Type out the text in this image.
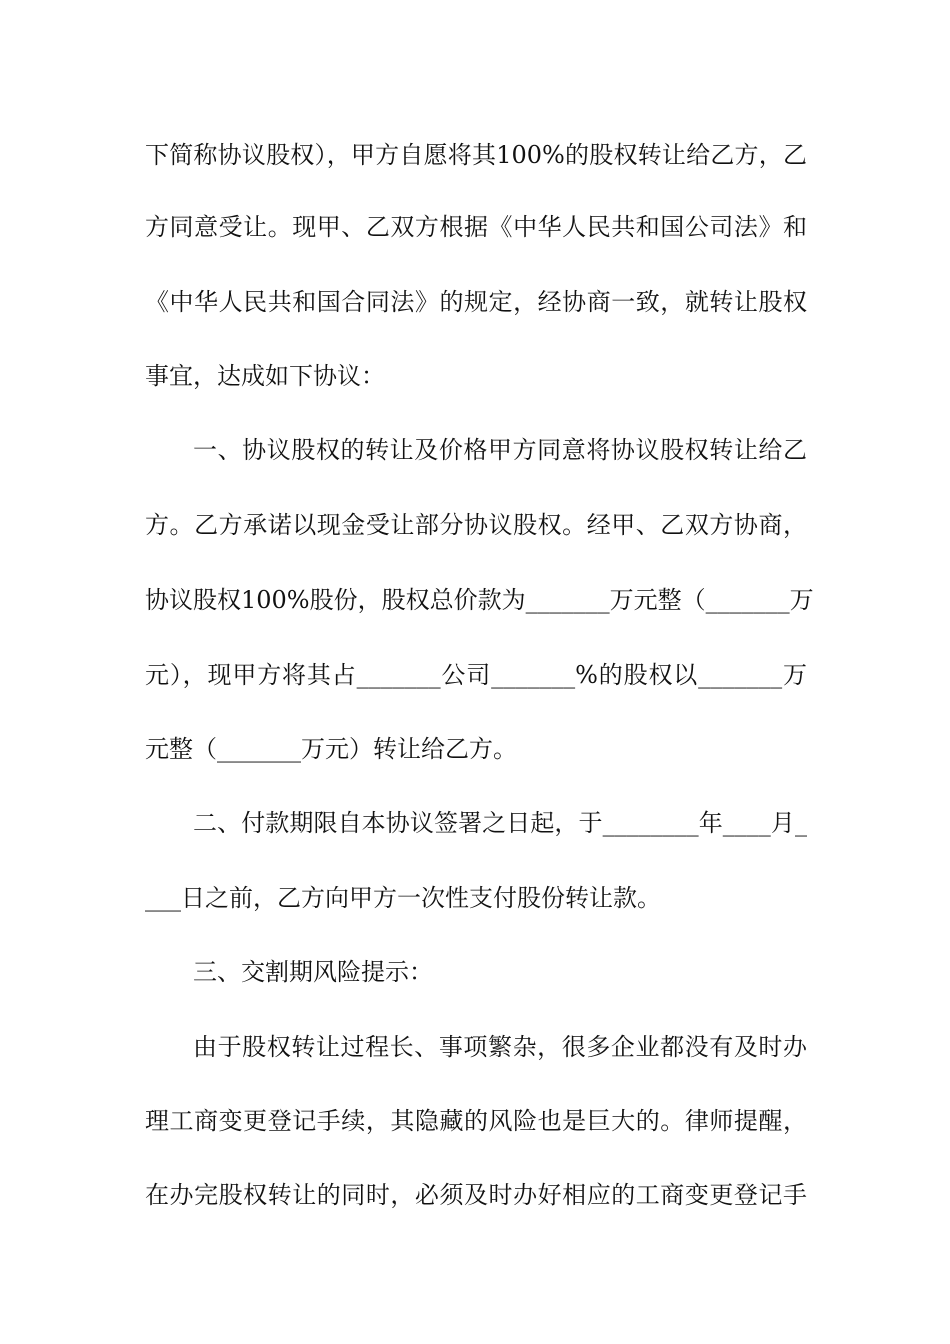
下简称协议股权），甲方自愿将其100%的股权转让给乙方，乙
方同意受让。现甲、乙双方根据《中华人民共和国公司法》和
《中华人民共和国合同法》的规定，经协商一致，就转让股权
事宜，达成如下协议：
一、协议股权的转让及价格甲方同意将协议股权转让给乙
方。乙方承诺以现金受让部分协议股权。经甲、乙双方协商，
协议股权100%股份，股权总价款为_______万元整（_______万
元），现甲方将其占_______公司_______%的股权以_______万
元整（_______万元）转让给乙方。
二、付款期限自本协议签署之日起，于________年____月_
___日之前，乙方向甲方一次性支付股份转让款。
三、交割期风险提示：
由于股权转让过程长、事项繁杂，很多企业都没有及时办
理工商变更登记手续，其隐藏的风险也是巨大的。律师提醒，
在办完股权转让的同时，必须及时办好相应的工商变更登记手
